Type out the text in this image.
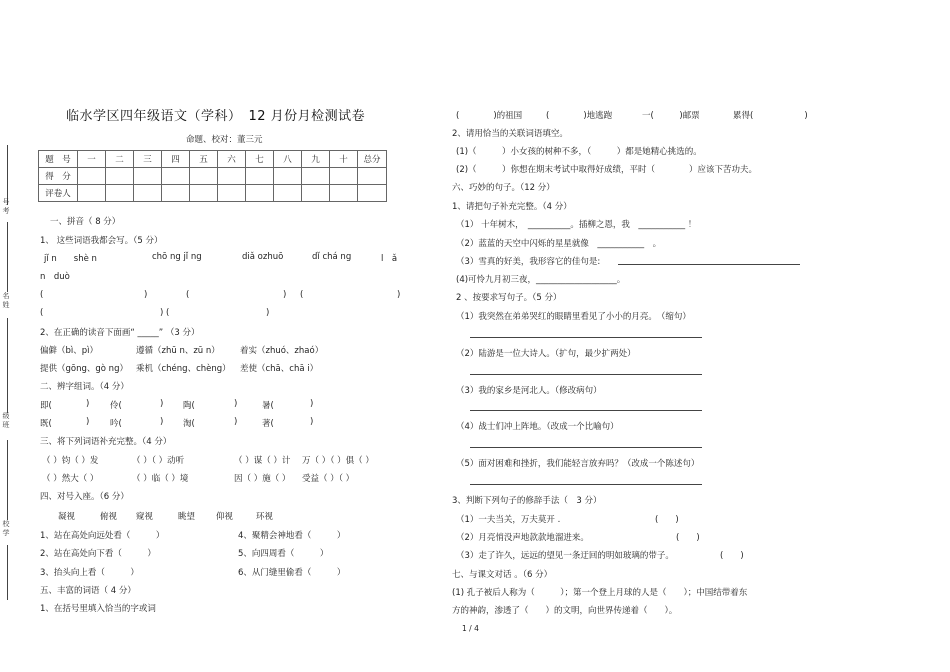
号考
名姓
级班
校学
临水学区四年级语文（学科）　12 月份月检测试卷
命题、校对：董三元
题　号	一	二	三	四	五	六	七	八	九	十	总分
得　分											
评卷人											
一、拼音（ 8 分）
1、 这些词语我都会写。（5 分）
jǐ n　　shè n	chō ng jǐ ng	diǎ ozhuō	dǐ chá ng	l　ǎ
n　duò
(	)	(	) (	)
(	) (	)
2、在正确的读音下面画“ _____” （3 分）
偏僻（bì、pì）	遵循（zhū n、zū n） 着实（zhuó、zhaó）
提供（gōng、gò ng） 乘机（chéng、chèng） 差使（chā、chā i）
二、辨字组词。（4 分）
即(	) 伶(	) 陶(	)	暑(	)
既(	) 吟(	) 淘(	)	著(	)
三、将下列词语补充完整。（4 分）
（ ）钧（ ）发	（ ）（ ）动听	（ ）谋（ ）计 万（ ）（ ）俱（ ）
（ ）然大（ ）	（ ）临（ ）境	因（ ）施（ ） 受益（ ）（ ）
四、对号入座。（6 分）
凝视	俯视 窥视	眺望 仰视	环视
1、站在高处向远处看（　　　）	4、聚精会神地看（　　　）
2、站在高处向下看（　　　）	5、向四周看（　　　）
3、抬头向上看（　　　）	6、从门缝里偷看（　　　）
五、丰富的词语（ 4 分）
1、在括号里填入恰当的字或词
(　　　　)的祖国	(　　　　)地逃跑	一(　　　)邮票	累得(　　　　　　)
2、请用恰当的关联词语填空。
(1)（　　　）小女孩的树种不多，（　　　）都是她精心挑选的。
(2)（　　　）你想在期末考试中取得好成绩，平时（　　　　）应该下苦功夫。
六、巧妙的句子。（12 分）
1、请把句子补充完整。（4 分）
（1） 十年树木，　__________。插柳之恩，我　___________ ！
（2）蓝蓝的天空中闪烁的星星就像　___________　。
（3）雪真的好美，我形容它的佳句是:
(4)可怜九月初三夜，___________________。
2 、按要求写句子。（5 分）
（1）我突然在弟弟哭红的眼睛里看见了小小的月亮。　（缩句）
（2）陆游是一位大诗人。（扩句，最少扩两处）
（3）我的家乡是河北人。（修改病句）
（4）战士们冲上阵地。（改成一个比喻句）
（5）面对困难和挫折，我们能轻言放弃吗？（改成一个陈述句）
3、判断下列句子的修辞手法（　3 分）
（1）一夫当关，万夫莫开 .	(　　)
（2）月亮悄没声地款款地溜进来。	(　　)
（3）走了许久，远远的望见一条迂回的明如玻璃的带子。	(　　)
七、与课文对话 。（6 分）
(1) 孔子被后人称为（　　　）；第一个登上月球的人是（　　）；中国结带着东
方的神韵，渗透了（　　）的文明，向世界传递着（　　）。
1 / 4
